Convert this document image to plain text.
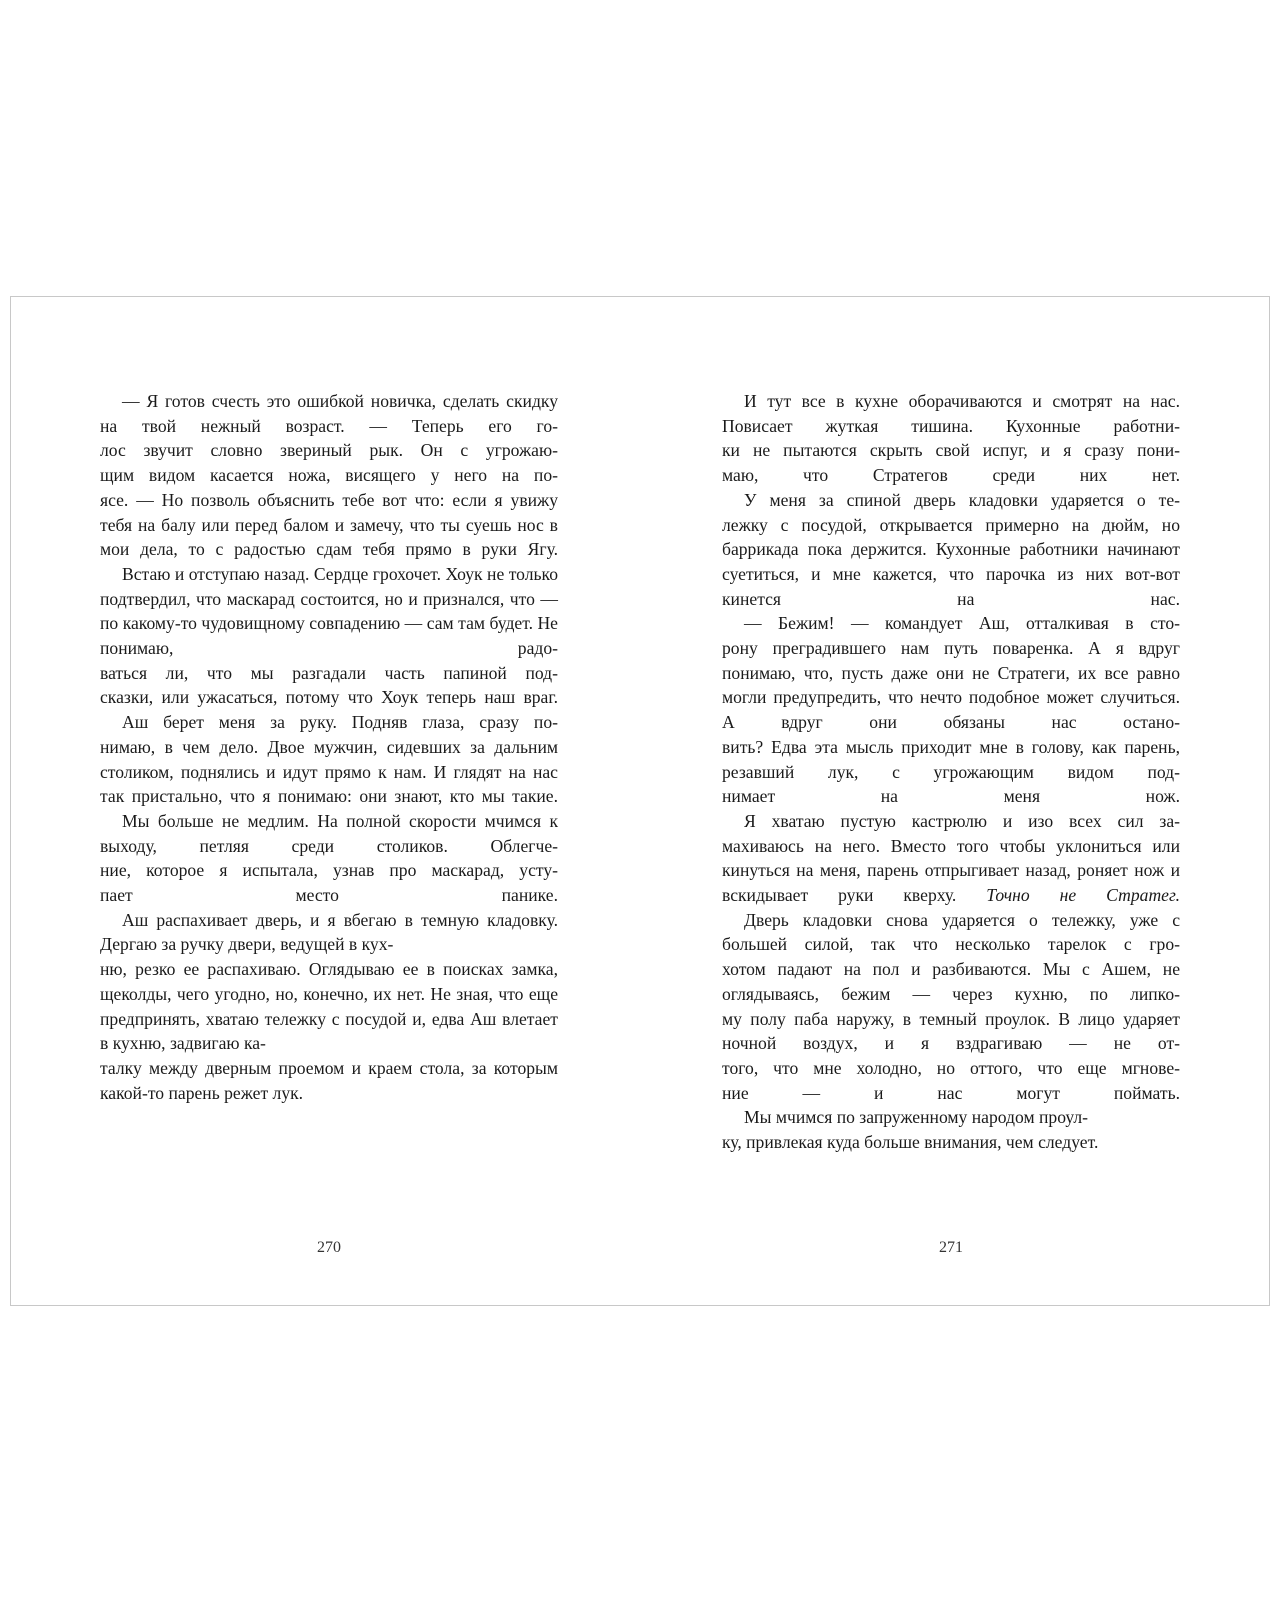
— Я готов счесть это ошибкой новичка, сделать скидку на твой нежный возраст. — Теперь его го-
лос звучит словно звериный рык. Он с угрожаю-
щим видом касается ножа, висящего у него на по-
ясе. — Но позволь объяснить тебе вот что: если я увижу тебя на балу или перед балом и замечу, что ты суешь нос в мои дела, то с радостью сдам тебя прямо в руки Ягу.

Встаю и отступаю назад. Сердце грохочет. Хоук не только подтвердил, что маскарад состоится, но и признался, что — по какому-то чудовищному совпадению — сам там будет. Не понимаю, радо-
ваться ли, что мы разгадали часть папиной под-
сказки, или ужасаться, потому что Хоук теперь наш враг.

Аш берет меня за руку. Подняв глаза, сразу по-
нимаю, в чем дело. Двое мужчин, сидевших за дальним столиком, поднялись и идут прямо к нам. И глядят на нас так пристально, что я понимаю: они знают, кто мы такие.

Мы больше не медлим. На полной скорости мчимся к выходу, петляя среди столиков. Облегче-
ние, которое я испытала, узнав про маскарад, усту-
пает место панике.

Аш распахивает дверь, и я вбегаю в темную кладовку. Дергаю за ручку двери, ведущей в кух-
ню, резко ее распахиваю. Оглядываю ее в поисках замка, щеколды, чего угодно, но, конечно, их нет. Не зная, что еще предпринять, хватаю тележку с посудой и, едва Аш влетает в кухню, задвигаю ка-
талку между дверным проемом и краем стола, за которым какой-то парень режет лук.

270

И тут все в кухне оборачиваются и смотрят на нас. Повисает жуткая тишина. Кухонные работни-
ки не пытаются скрыть свой испуг, и я сразу пони-
маю, что Стратегов среди них нет.

У меня за спиной дверь кладовки ударяется о те-
лежку с посудой, открывается примерно на дюйм, но баррикада пока держится. Кухонные работники начинают суетиться, и мне кажется, что парочка из них вот-вот кинется на нас.

— Бежим! — командует Аш, отталкивая в сто-
рону преградившего нам путь поваренка. А я вдруг понимаю, что, пусть даже они не Стратеги, их все равно могли предупредить, что нечто подобное может случиться. А вдруг они обязаны нас остано-
вить? Едва эта мысль приходит мне в голову, как парень, резавший лук, с угрожающим видом под-
нимает на меня нож.

Я хватаю пустую кастрюлю и изо всех сил за-
махиваюсь на него. Вместо того чтобы уклониться или кинуться на меня, парень отпрыгивает назад, роняет нож и вскидывает руки кверху. Точно не Стратег.

Дверь кладовки снова ударяется о тележку, уже с большей силой, так что несколько тарелок с гро-
хотом падают на пол и разбиваются. Мы с Ашем, не оглядываясь, бежим — через кухню, по липко-
му полу паба наружу, в темный проулок. В лицо ударяет ночной воздух, и я вздрагиваю — не от-
того, что мне холодно, но оттого, что еще мгнове-
ние — и нас могут поймать.

Мы мчимся по запруженному народом проул-
ку, привлекая куда больше внимания, чем следует.

271
